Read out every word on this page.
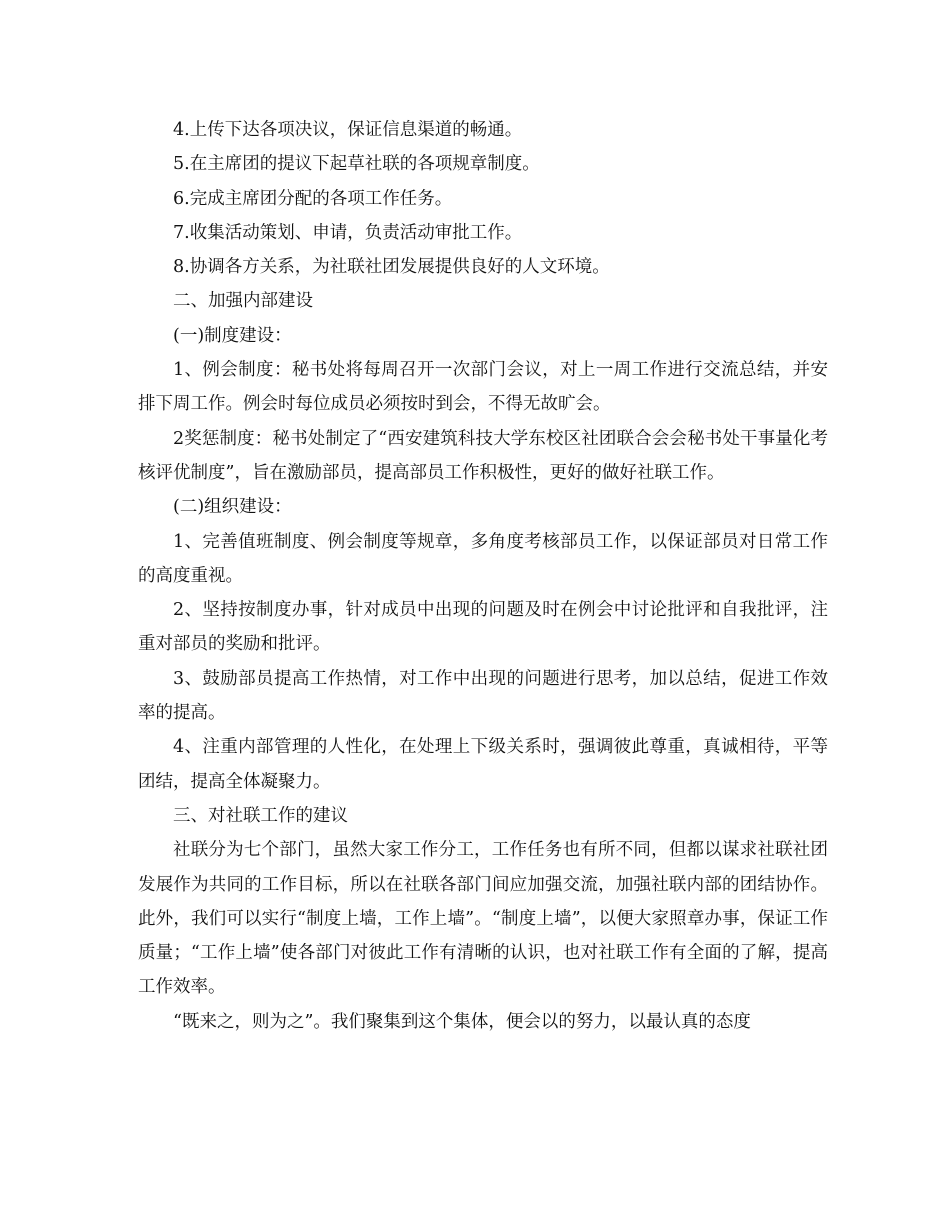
4.上传下达各项决议，保证信息渠道的畅通。

5.在主席团的提议下起草社联的各项规章制度。

6.完成主席团分配的各项工作任务。

7.收集活动策划、申请，负责活动审批工作。

8.协调各方关系，为社联社团发展提供良好的人文环境。

二、加强内部建设

(一)制度建设：

1、例会制度：秘书处将每周召开一次部门会议，对上一周工作进行交流总结，并安排下周工作。例会时每位成员必须按时到会，不得无故旷会。

2奖惩制度：秘书处制定了“西安建筑科技大学东校区社团联合会会秘书处干事量化考核评优制度”，旨在激励部员，提高部员工作积极性，更好的做好社联工作。

(二)组织建设：

1、完善值班制度、例会制度等规章，多角度考核部员工作，以保证部员对日常工作的高度重视。

2、坚持按制度办事，针对成员中出现的问题及时在例会中讨论批评和自我批评，注重对部员的奖励和批评。

3、鼓励部员提高工作热情，对工作中出现的问题进行思考，加以总结，促进工作效率的提高。

4、注重内部管理的人性化，在处理上下级关系时，强调彼此尊重，真诚相待，平等团结，提高全体凝聚力。

三、对社联工作的建议

社联分为七个部门，虽然大家工作分工，工作任务也有所不同，但都以谋求社联社团发展作为共同的工作目标，所以在社联各部门间应加强交流，加强社联内部的团结协作。此外，我们可以实行“制度上墙，工作上墙”。“制度上墙”，以便大家照章办事，保证工作质量；“工作上墙”使各部门对彼此工作有清晰的认识，也对社联工作有全面的了解，提高工作效率。

“既来之，则为之”。我们聚集到这个集体，便会以的努力，以最认真的态度
